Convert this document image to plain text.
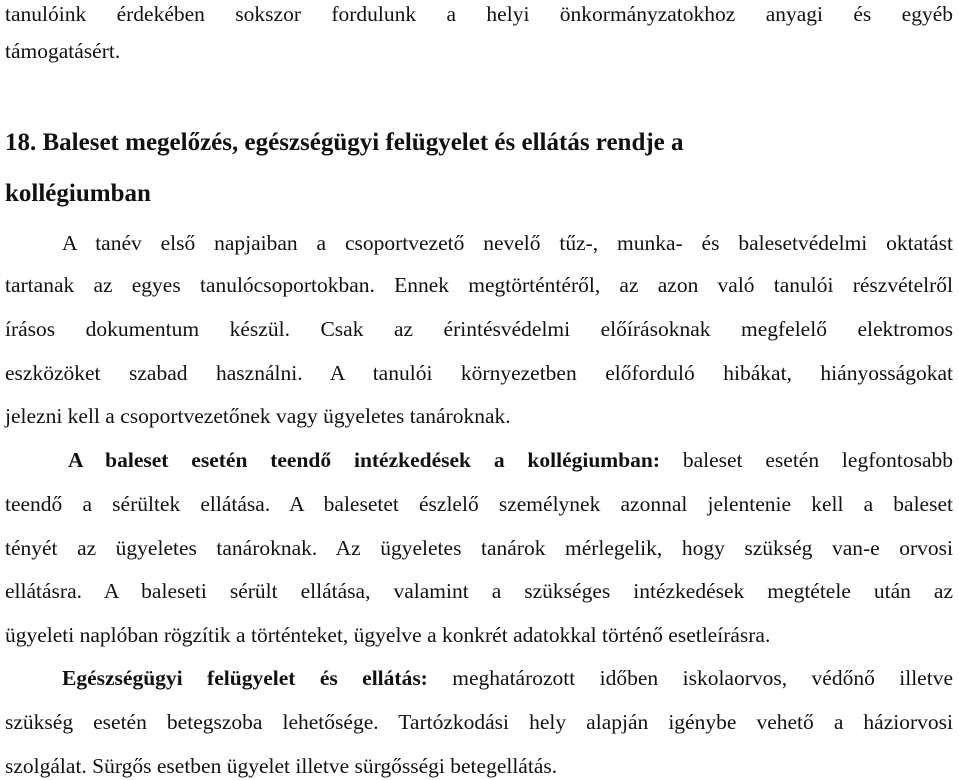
tanulóink érdekében sokszor fordulunk a helyi önkormányzatokhoz anyagi és egyéb
támogatásért.
18. Baleset megelőzés, egészségügyi felügyelet és ellátás rendje a
kollégiumban
A tanév első napjaiban a csoportvezető nevelő tűz-, munka- és balesetvédelmi oktatást
tartanak az egyes tanulócsoportokban. Ennek megtörténtéről, az azon való tanulói részvételről
írásos dokumentum készül. Csak az érintésvédelmi előírásoknak megfelelő elektromos
eszközöket szabad használni. A tanulói környezetben előforduló hibákat, hiányosságokat
jelezni kell a csoportvezetőnek vagy ügyeletes tanároknak.
A baleset esetén teendő intézkedések a kollégiumban: baleset esetén legfontosabb
teendő a sérültek ellátása. A balesetet észlelő személynek azonnal jelentenie kell a baleset
tényét az ügyeletes tanároknak. Az ügyeletes tanárok mérlegelik, hogy szükség van-e orvosi
ellátásra. A baleseti sérült ellátása, valamint a szükséges intézkedések megtétele után az
ügyeleti naplóban rögzítik a történteket, ügyelve a konkrét adatokkal történő esetleírásra.
Egészségügyi felügyelet és ellátás: meghatározott időben iskolaorvos, védőnő illetve
szükség esetén betegszoba lehetősége. Tartózkodási hely alapján igénybe vehető a háziorvosi
szolgálat. Sürgős esetben ügyelet illetve sürgősségi betegellátás.
